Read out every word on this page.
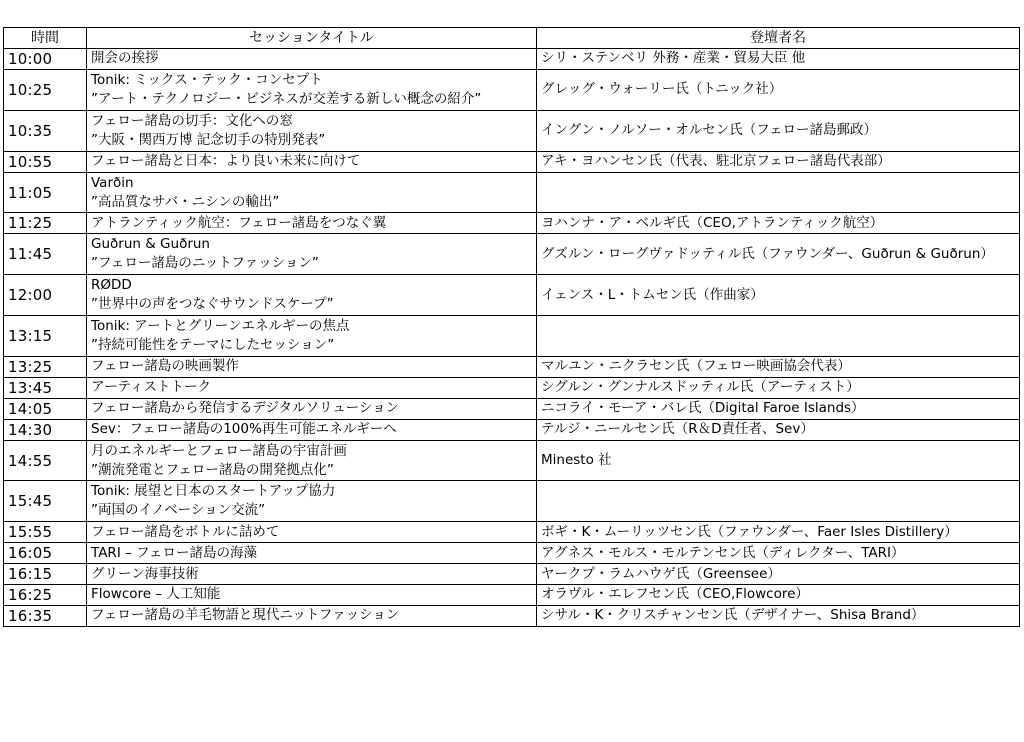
時間	セッションタイトル	登壇者名
10:00	開会の挨拶	シリ・ステンベリ 外務・産業・貿易大臣 他
10:25	Tonik: ミックス・テック・コンセプト
”アート・テクノロジー・ビジネスが交差する新しい概念の紹介”	グレッグ・ウォーリー氏（トニック社）
10:35	フェロー諸島の切手：文化への窓
”大阪・関西万博 記念切手の特別発表”	イングン・ノルソー・オルセン氏（フェロー諸島郵政）
10:55	フェロー諸島と日本：より良い未来に向けて	アキ・ヨハンセン氏（代表、駐北京フェロー諸島代表部）
11:05	Varðin
”高品質なサバ・ニシンの輸出”	

11:25	アトランティック航空：フェロー諸島をつなぐ翼	ヨハンナ・ア・ベルギ氏（CEO,アトランティック航空）
11:45	Guðrun & Guðrun
”フェロー諸島のニットファッション”	グズルン・ローグヴァドッティル氏（ファウンダー、Guðrun & Guðrun）
12:00	RØDD
”世界中の声をつなぐサウンドスケープ”	イェンス・L・トムセン氏（作曲家）
13:15	Tonik: アートとグリーンエネルギーの焦点
”持続可能性をテーマにしたセッション”	

13:25	フェロー諸島の映画製作	マルユン・ニクラセン氏（フェロー映画協会代表）
13:45	アーティストトーク	シグルン・グンナルスドッティル氏（アーティスト）
14:05	フェロー諸島から発信するデジタルソリューション	ニコライ・モーア・バレ氏（Digital Faroe Islands）
14:30	Sev：フェロー諸島の100%再生可能エネルギーへ	テルジ・ニールセン氏（R＆D責任者、Sev）
14:55	月のエネルギーとフェロー諸島の宇宙計画
”潮流発電とフェロー諸島の開発拠点化”	Minesto 社
15:45	Tonik: 展望と日本のスタートアップ協力
”両国のイノベーション交流”	

15:55	フェロー諸島をボトルに詰めて	ボギ・K・ムーリッツセン氏（ファウンダー、Faer Isles Distillery）
16:05	TARI – フェロー諸島の海藻	アグネス・モルス・モルテンセン氏（ディレクター、TARI）
16:15	グリーン海事技術	ヤークプ・ラムハウゲ氏（Greensee）
16:25	Flowcore – 人工知能	オラヴル・エレフセン氏（CEO,Flowcore）
16:35	フェロー諸島の羊毛物語と現代ニットファッション	シサル・K・クリスチャンセン氏（デザイナー、Shisa Brand）
